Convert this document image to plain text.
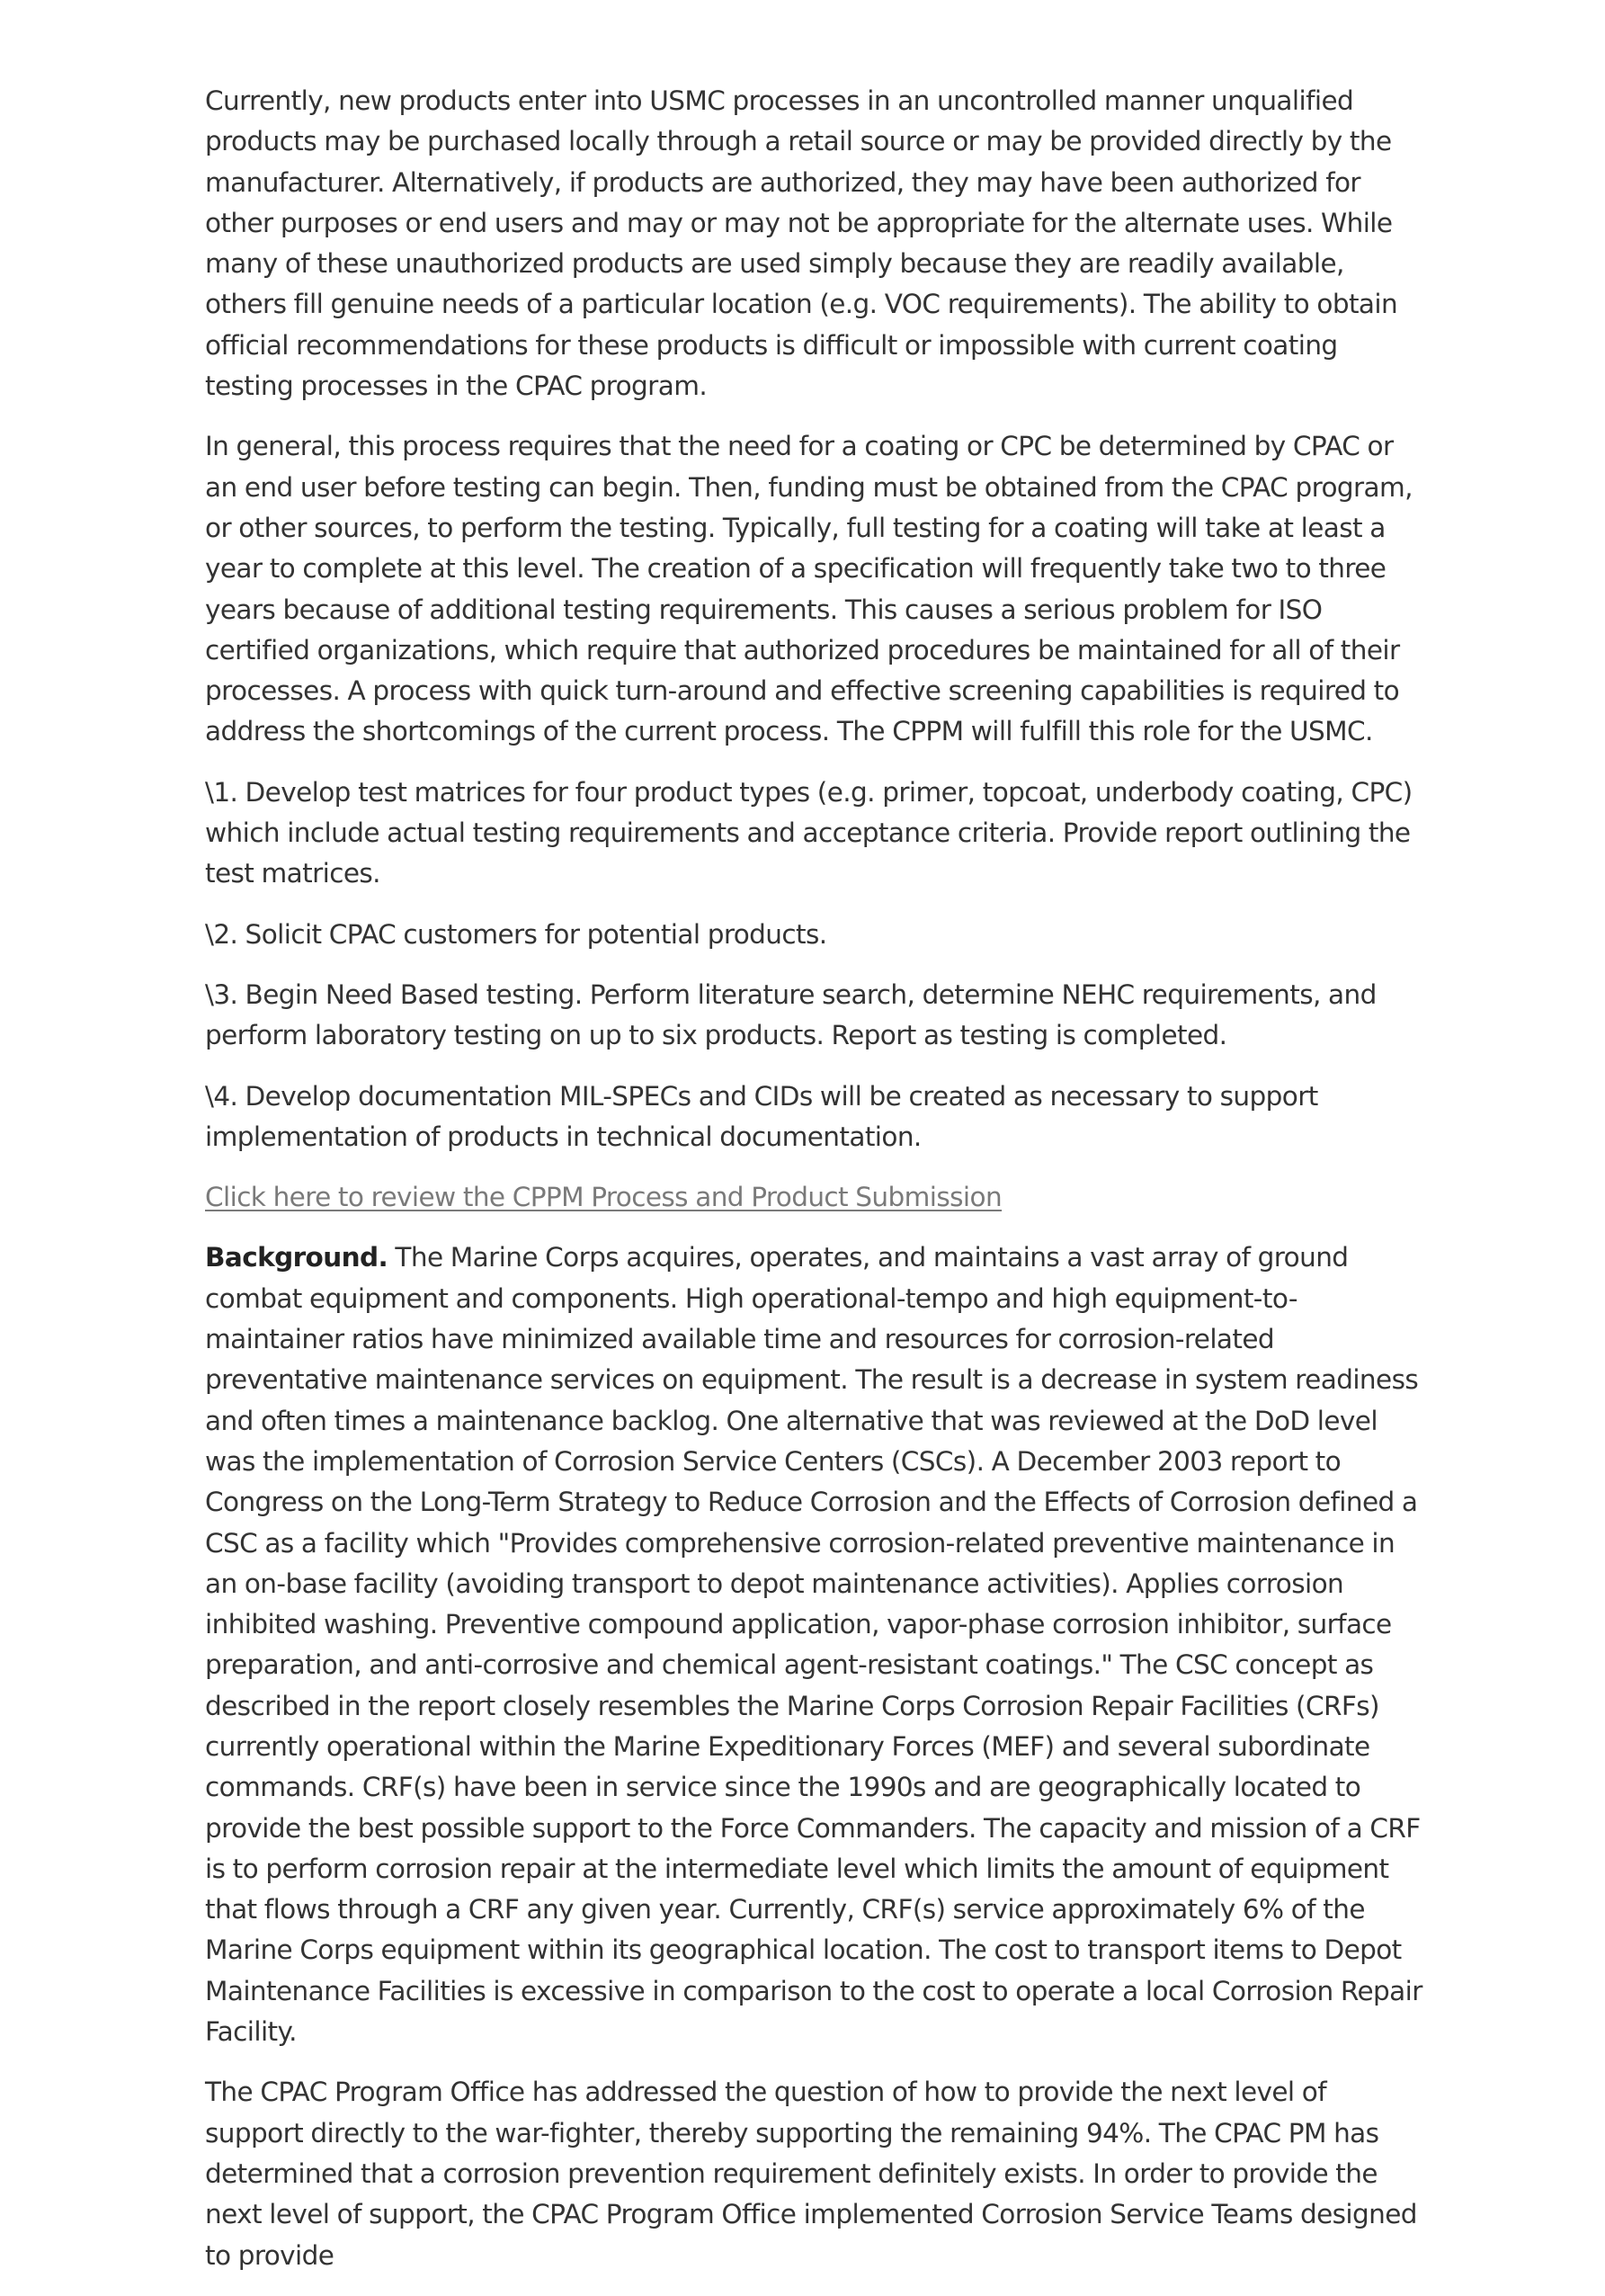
Currently, new products enter into USMC processes in an uncontrolled manner unqualified products may be purchased locally through a retail source or may be provided directly by the manufacturer. Alternatively, if products are authorized, they may have been authorized for other purposes or end users and may or may not be appropriate for the alternate uses. While many of these unauthorized products are used simply because they are readily available, others fill genuine needs of a particular location (e.g. VOC requirements). The ability to obtain official recommendations for these products is difficult or impossible with current coating testing processes in the CPAC program.

In general, this process requires that the need for a coating or CPC be determined by CPAC or an end user before testing can begin. Then, funding must be obtained from the CPAC program, or other sources, to perform the testing. Typically, full testing for a coating will take at least a year to complete at this level. The creation of a specification will frequently take two to three years because of additional testing requirements. This causes a serious problem for ISO certified organizations, which require that authorized procedures be maintained for all of their processes. A process with quick turn-around and effective screening capabilities is required to address the shortcomings of the current process. The CPPM will fulfill this role for the USMC.

\1. Develop test matrices for four product types (e.g. primer, topcoat, underbody coating, CPC) which include actual testing requirements and acceptance criteria. Provide report outlining the test matrices.

\2. Solicit CPAC customers for potential products.

\3. Begin Need Based testing. Perform literature search, determine NEHC requirements, and perform laboratory testing on up to six products. Report as testing is completed.

\4. Develop documentation MIL-SPECs and CIDs will be created as necessary to support implementation of products in technical documentation.

Click here to review the CPPM Process and Product Submission

Background. The Marine Corps acquires, operates, and maintains a vast array of ground combat equipment and components. High operational-tempo and high equipment-to-maintainer ratios have minimized available time and resources for corrosion-related preventative maintenance services on equipment. The result is a decrease in system readiness and often times a maintenance backlog. One alternative that was reviewed at the DoD level was the implementation of Corrosion Service Centers (CSCs). A December 2003 report to Congress on the Long-Term Strategy to Reduce Corrosion and the Effects of Corrosion defined a CSC as a facility which "Provides comprehensive corrosion-related preventive maintenance in an on-base facility (avoiding transport to depot maintenance activities). Applies corrosion inhibited washing. Preventive compound application, vapor-phase corrosion inhibitor, surface preparation, and anti-corrosive and chemical agent-resistant coatings." The CSC concept as described in the report closely resembles the Marine Corps Corrosion Repair Facilities (CRFs) currently operational within the Marine Expeditionary Forces (MEF) and several subordinate commands. CRF(s) have been in service since the 1990s and are geographically located to provide the best possible support to the Force Commanders. The capacity and mission of a CRF is to perform corrosion repair at the intermediate level which limits the amount of equipment that flows through a CRF any given year. Currently, CRF(s) service approximately 6% of the Marine Corps equipment within its geographical location. The cost to transport items to Depot Maintenance Facilities is excessive in comparison to the cost to operate a local Corrosion Repair Facility.

The CPAC Program Office has addressed the question of how to provide the next level of support directly to the war-fighter, thereby supporting the remaining 94%. The CPAC PM has determined that a corrosion prevention requirement definitely exists. In order to provide the next level of support, the CPAC Program Office implemented Corrosion Service Teams designed to provide
